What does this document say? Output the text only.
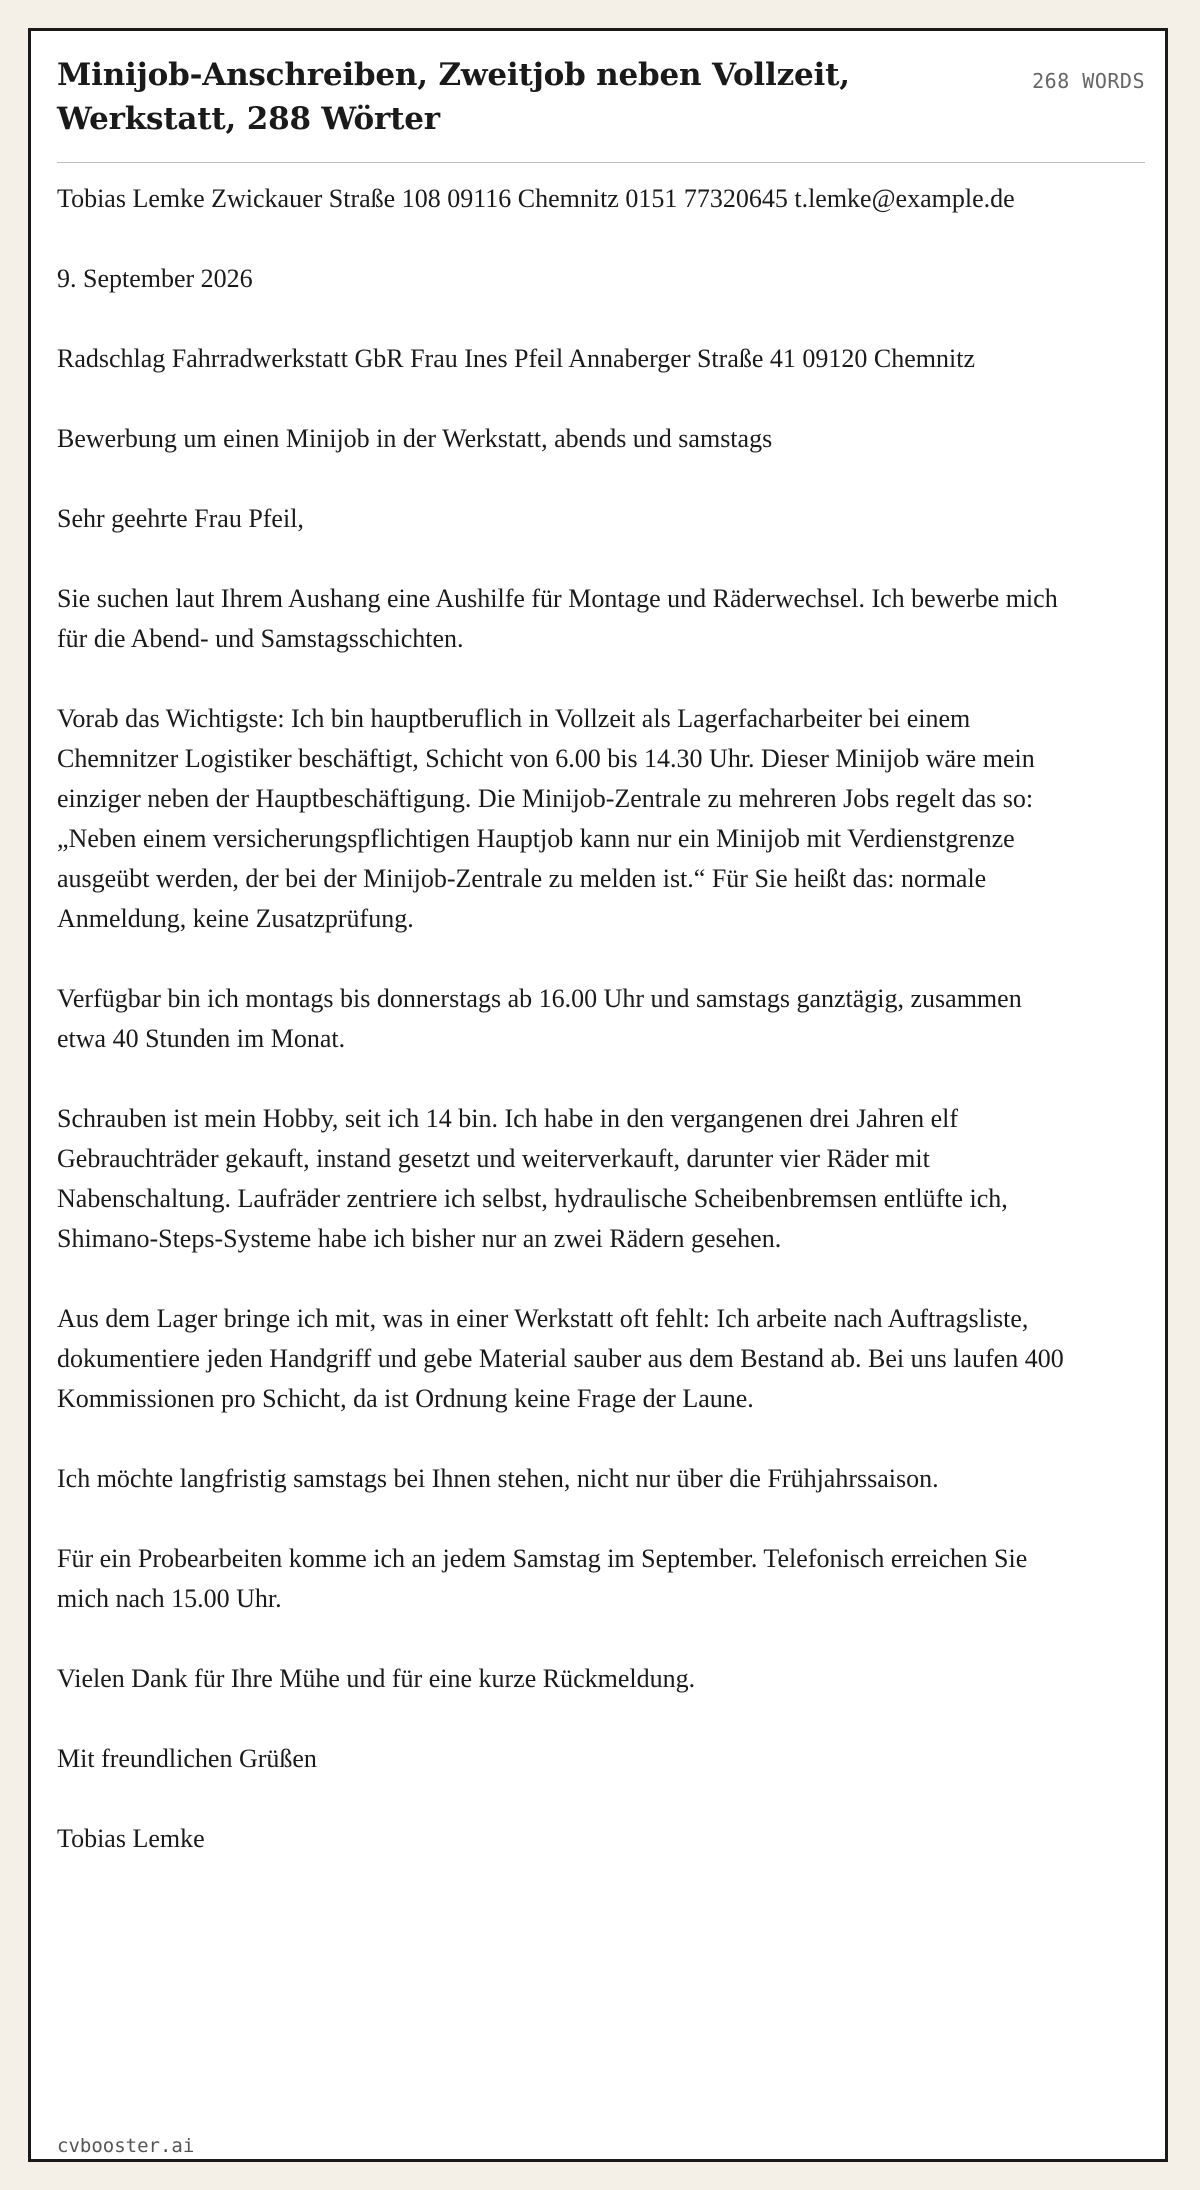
Minijob-Anschreiben, Zweitjob neben Vollzeit, Werkstatt, 288 Wörter
268 WORDS

Tobias Lemke Zwickauer Straße 108 09116 Chemnitz 0151 77320645 t.lemke@example.de

9. September 2026

Radschlag Fahrradwerkstatt GbR Frau Ines Pfeil Annaberger Straße 41 09120 Chemnitz

Bewerbung um einen Minijob in der Werkstatt, abends und samstags

Sehr geehrte Frau Pfeil,

Sie suchen laut Ihrem Aushang eine Aushilfe für Montage und Räderwechsel. Ich bewerbe mich für die Abend- und Samstagsschichten.

Vorab das Wichtigste: Ich bin hauptberuflich in Vollzeit als Lagerfacharbeiter bei einem Chemnitzer Logistiker beschäftigt, Schicht von 6.00 bis 14.30 Uhr. Dieser Minijob wäre mein einziger neben der Hauptbeschäftigung. Die Minijob-Zentrale zu mehreren Jobs regelt das so: „Neben einem versicherungspflichtigen Hauptjob kann nur ein Minijob mit Verdienstgrenze ausgeübt werden, der bei der Minijob-Zentrale zu melden ist.“ Für Sie heißt das: normale Anmeldung, keine Zusatzprüfung.

Verfügbar bin ich montags bis donnerstags ab 16.00 Uhr und samstags ganztägig, zusammen etwa 40 Stunden im Monat.

Schrauben ist mein Hobby, seit ich 14 bin. Ich habe in den vergangenen drei Jahren elf Gebrauchträder gekauft, instand gesetzt und weiterverkauft, darunter vier Räder mit Nabenschaltung. Laufräder zentriere ich selbst, hydraulische Scheibenbremsen entlüfte ich, Shimano-Steps-Systeme habe ich bisher nur an zwei Rädern gesehen.

Aus dem Lager bringe ich mit, was in einer Werkstatt oft fehlt: Ich arbeite nach Auftragsliste, dokumentiere jeden Handgriff und gebe Material sauber aus dem Bestand ab. Bei uns laufen 400 Kommissionen pro Schicht, da ist Ordnung keine Frage der Laune.

Ich möchte langfristig samstags bei Ihnen stehen, nicht nur über die Frühjahrssaison.

Für ein Probearbeiten komme ich an jedem Samstag im September. Telefonisch erreichen Sie mich nach 15.00 Uhr.

Vielen Dank für Ihre Mühe und für eine kurze Rückmeldung.

Mit freundlichen Grüßen

Tobias Lemke

cvbooster.ai
